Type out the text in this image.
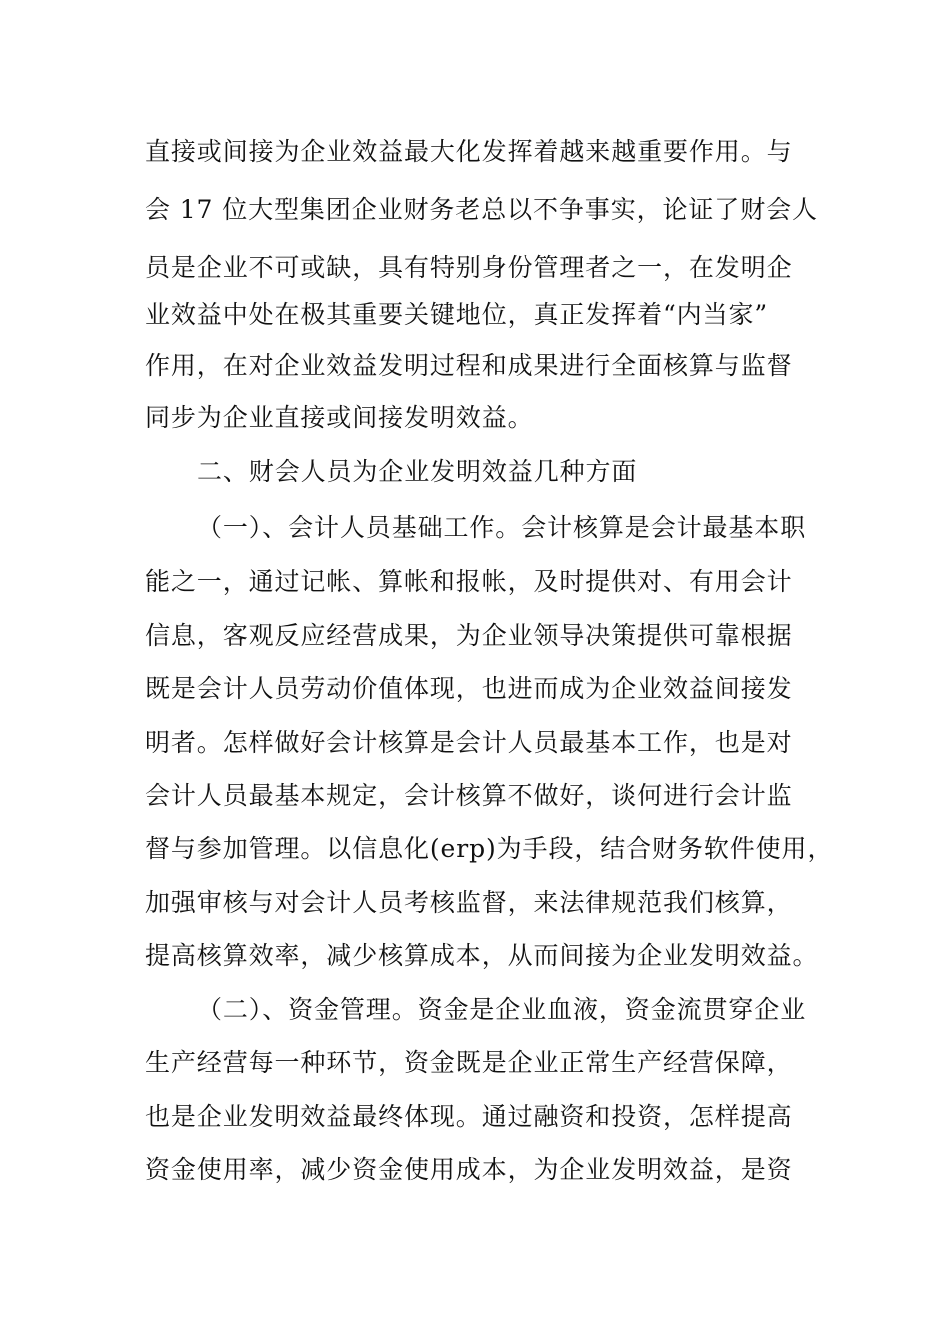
直接或间接为企业效益最大化发挥着越来越重要作用。与
会 17 位大型集团企业财务老总以不争事实，论证了财会人
员是企业不可或缺，具有特别身份管理者之一，在发明企
业效益中处在极其重要关键地位，真正发挥着“内当家”
作用，在对企业效益发明过程和成果进行全面核算与监督
同步为企业直接或间接发明效益。
二、财会人员为企业发明效益几种方面
（一）、会计人员基础工作。会计核算是会计最基本职
能之一，通过记帐、算帐和报帐，及时提供对、有用会计
信息，客观反应经营成果，为企业领导决策提供可靠根据
既是会计人员劳动价值体现，也进而成为企业效益间接发
明者。怎样做好会计核算是会计人员最基本工作，也是对
会计人员最基本规定，会计核算不做好，谈何进行会计监
督与参加管理。以信息化(erp)为手段，结合财务软件使用，
加强审核与对会计人员考核监督，来法律规范我们核算，
提高核算效率，减少核算成本，从而间接为企业发明效益。
（二）、资金管理。资金是企业血液，资金流贯穿企业
生产经营每一种环节，资金既是企业正常生产经营保障，
也是企业发明效益最终体现。通过融资和投资，怎样提高
资金使用率，减少资金使用成本，为企业发明效益，是资
